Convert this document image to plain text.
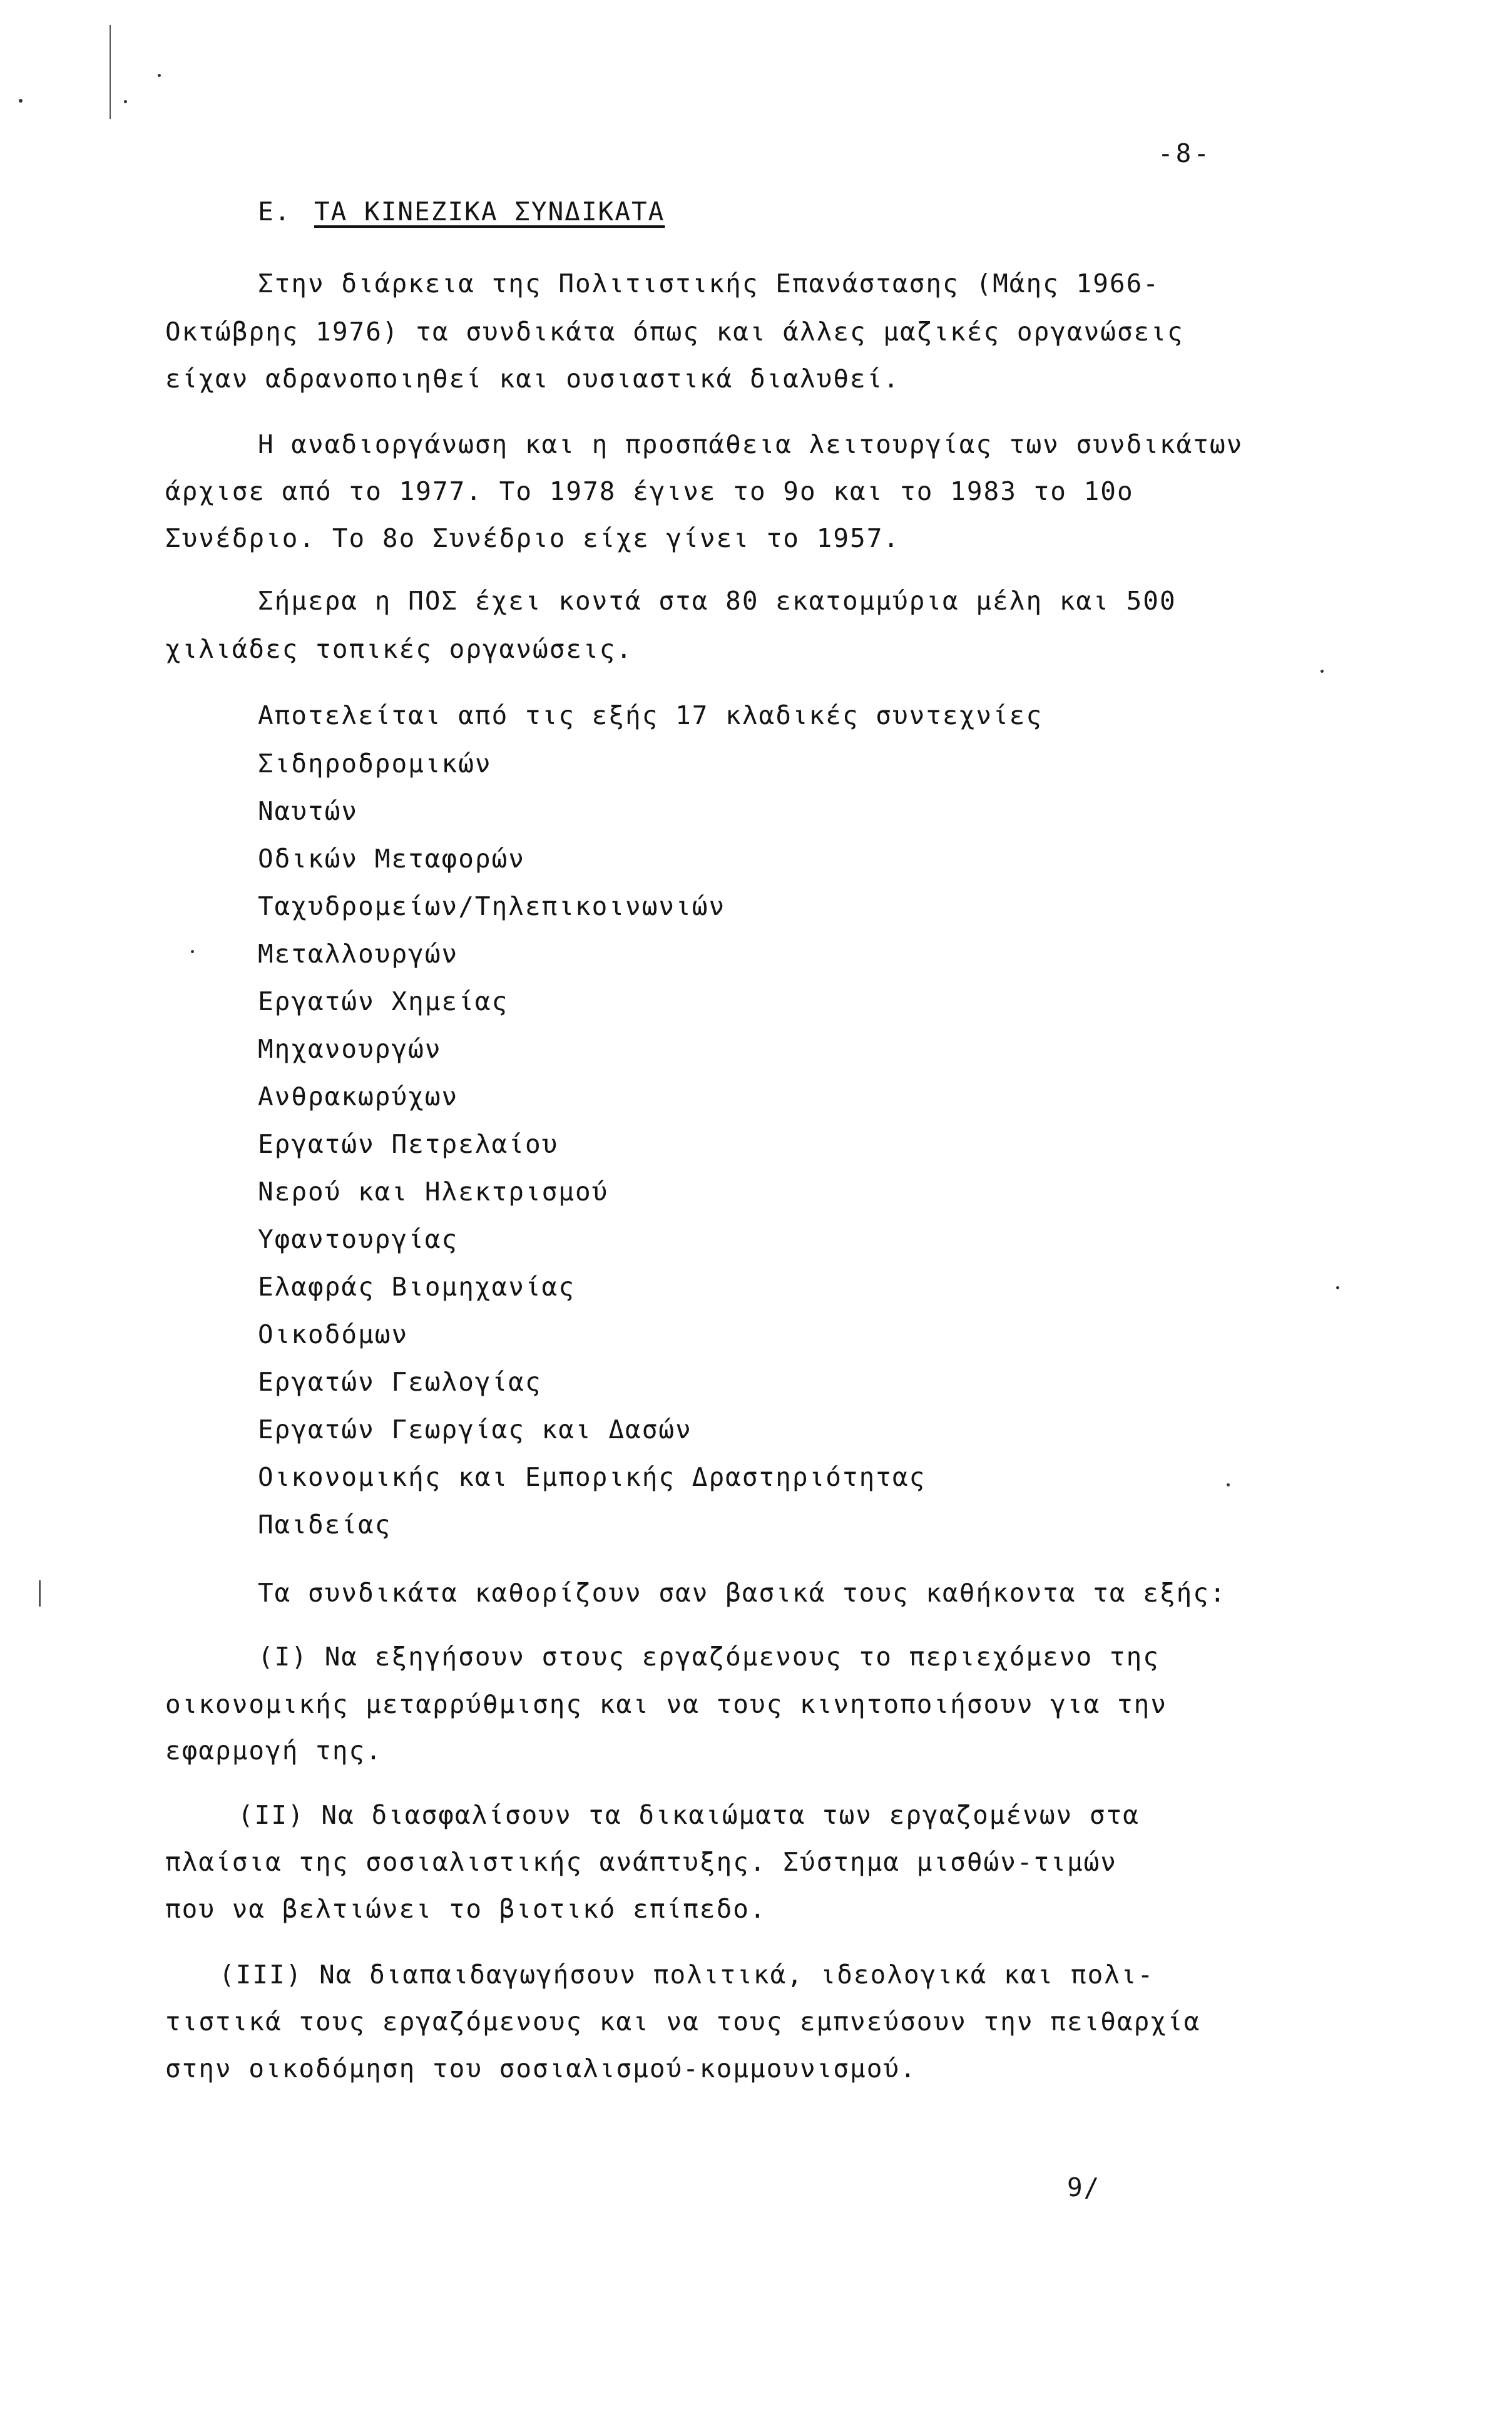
-8-
Ε. ΤΑ ΚΙΝΕΖΙΚΑ ΣΥΝΔΙΚΑΤΑ
Στην διάρκεια της Πολιτιστικής Επανάστασης (Μάης 1966-
Οκτώβρης 1976) τα συνδικάτα όπως και άλλες μαζικές οργανώσεις
είχαν αδρανοποιηθεί και ουσιαστικά διαλυθεί.
Η αναδιοργάνωση και η προσπάθεια λειτουργίας των συνδικάτων
άρχισε από το 1977. Το 1978 έγινε το 9ο και το 1983 το 10ο
Συνέδριο. Το 8ο Συνέδριο είχε γίνει το 1957.
Σήμερα η ΠΟΣ έχει κοντά στα 80 εκατομμύρια μέλη και 500
χιλιάδες τοπικές οργανώσεις.
Αποτελείται από τις εξής 17 κλαδικές συντεχνίες
Σιδηροδρομικών
Ναυτών
Οδικών Μεταφορών
Ταχυδρομείων/Τηλεπικοινωνιών
Μεταλλουργών
Εργατών Χημείας
Μηχανουργών
Ανθρακωρύχων
Εργατών Πετρελαίου
Νερού και Ηλεκτρισμού
Υφαντουργίας
Ελαφράς Βιομηχανίας
Οικοδόμων
Εργατών Γεωλογίας
Εργατών Γεωργίας και Δασών
Οικονομικής και Εμπορικής Δραστηριότητας
Παιδείας
Τα συνδικάτα καθορίζουν σαν βασικά τους καθήκοντα τα εξής:
(Ι) Να εξηγήσουν στους εργαζόμενους το περιεχόμενο της
οικονομικής μεταρρύθμισης και να τους κινητοποιήσουν για την
εφαρμογή της.
(ΙΙ) Να διασφαλίσουν τα δικαιώματα των εργαζομένων στα
πλαίσια της σοσιαλιστικής ανάπτυξης. Σύστημα μισθών-τιμών
που να βελτιώνει το βιοτικό επίπεδο.
(ΙΙΙ) Να διαπαιδαγωγήσουν πολιτικά, ιδεολογικά και πολι-
τιστικά τους εργαζόμενους και να τους εμπνεύσουν την πειθαρχία
στην οικοδόμηση του σοσιαλισμού-κομμουνισμού.
9/
